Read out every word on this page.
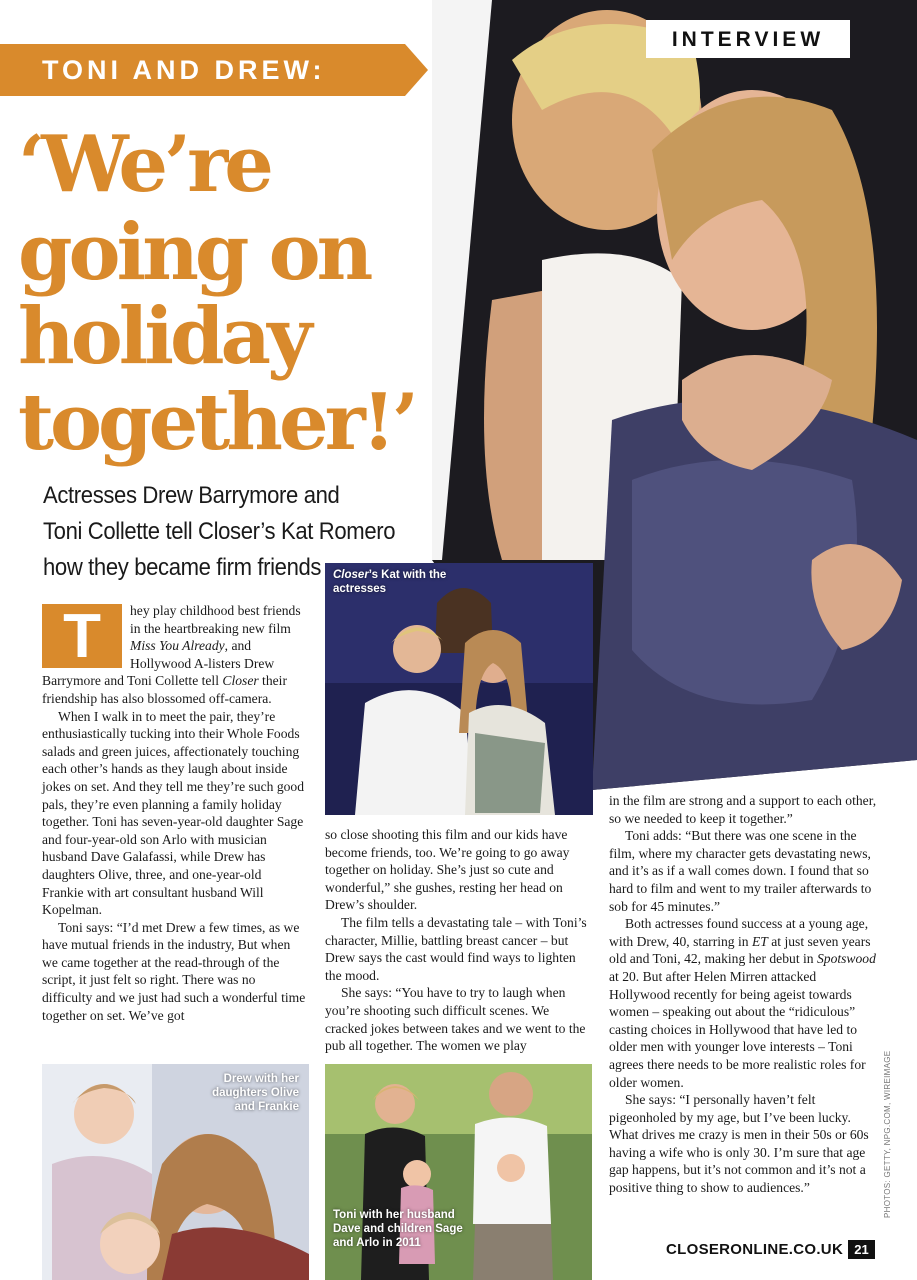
INTERVIEW
TONI AND DREW:
‘We’re
going on
holiday
together!’
Actresses Drew Barrymore and
Toni Collette tell Closer’s Kat Romero
how they became firm friends Closer’s Kat with the actresses
T	hey play childhood best friends in the heartbreaking new film Miss You Already, and Hollywood A-listers Drew Barrymore and Toni Collette tell Closer their friendship has also blossomed off-camera.

When I walk in to meet the pair, they’re enthusiastically tucking into their Whole Foods salads and green juices, affectionately touching each other’s hands as they laugh about inside jokes on set. And they tell me they’re such good pals, they’re even planning a family holiday together. Toni has seven-year-old daughter Sage and four-year-old son Arlo with musician husband Dave Galafassi, while Drew has daughters Olive, three, and one-year-old Frankie with art consultant husband Will Kopelman.

Toni says: “I’d met Drew a few times, as we have mutual friends in the industry, But when we came together at the read-through of the script, it just felt so right. There was no difficulty and we just had such a wonderful time together on set. We’ve got

so close shooting this film and our kids have become friends, too. We’re going to go away together on holiday. She’s just so cute and wonderful,” she gushes, resting her head on Drew’s shoulder.

The film tells a devastating tale – with Toni’s character, Millie, battling breast cancer – but Drew says the cast would find ways to lighten the mood.

She says: “You have to try to laugh when you’re shooting such difficult scenes. We cracked jokes between takes and we went to the pub all together. The women we play

in the film are strong and a support to each other, so we needed to keep it together.”

Toni adds: “But there was one scene in the film, where my character gets devastating news, and it’s as if a wall comes down. I found that so hard to film and went to my trailer afterwards to sob for 45 minutes.”

Both actresses found success at a young age, with Drew, 40, starring in ET at just seven years old and Toni, 42, making her debut in Spotswood at 20. But after Helen Mirren attacked Hollywood recently for being ageist towards women – speaking out about the “ridiculous” casting choices in Hollywood that have led to older men with younger love interests – Toni agrees there needs to be more realistic roles for older women.

She says: “I personally haven’t felt pigeonholed by my age, but I’ve been lucky. What drives me crazy is men in their 50s or 60s having a wife who is only 30. I’m sure that age gap happens, but it’s not common and it’s not a positive thing to show to audiences.”

Drew with her daughters Olive and Frankie
Toni with her husband Dave and children Sage and Arlo in 2011	CLOSERONLINE.CO.UK 21
PHOTOS: GETTY, NPG.COM, WIREIMAGE
